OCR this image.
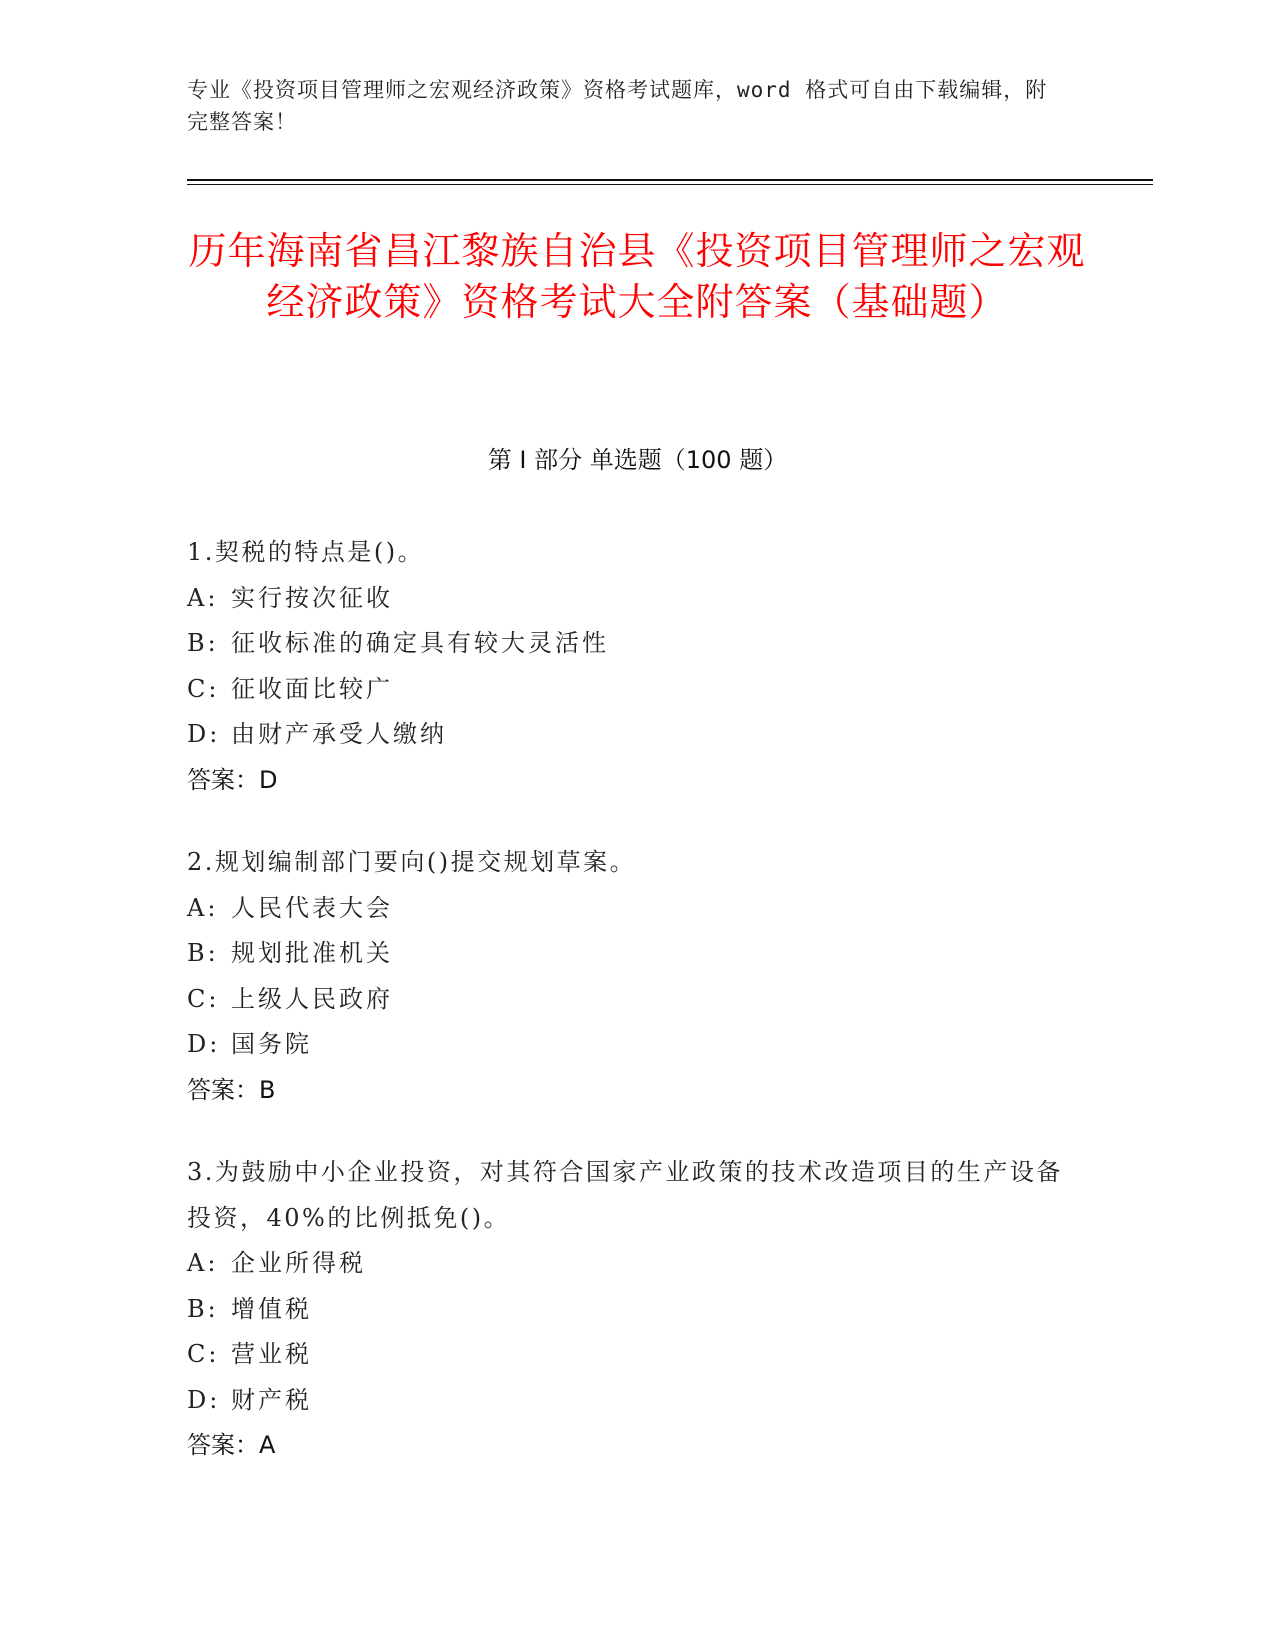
专业《投资项目管理师之宏观经济政策》资格考试题库，word 格式可自由下载编辑，附完整答案！
历年海南省昌江黎族自治县《投资项目管理师之宏观经济政策》资格考试大全附答案（基础题）
第 I 部分 单选题（100 题）
1.契税的特点是()。
A: 实行按次征收
B: 征收标准的确定具有较大灵活性
C: 征收面比较广
D: 由财产承受人缴纳
答案：D
2.规划编制部门要向()提交规划草案。
A: 人民代表大会
B: 规划批准机关
C: 上级人民政府
D: 国务院
答案：B
3.为鼓励中小企业投资，对其符合国家产业政策的技术改造项目的生产设备投资，40%的比例抵免()。
A: 企业所得税
B: 增值税
C: 营业税
D: 财产税
答案：A
